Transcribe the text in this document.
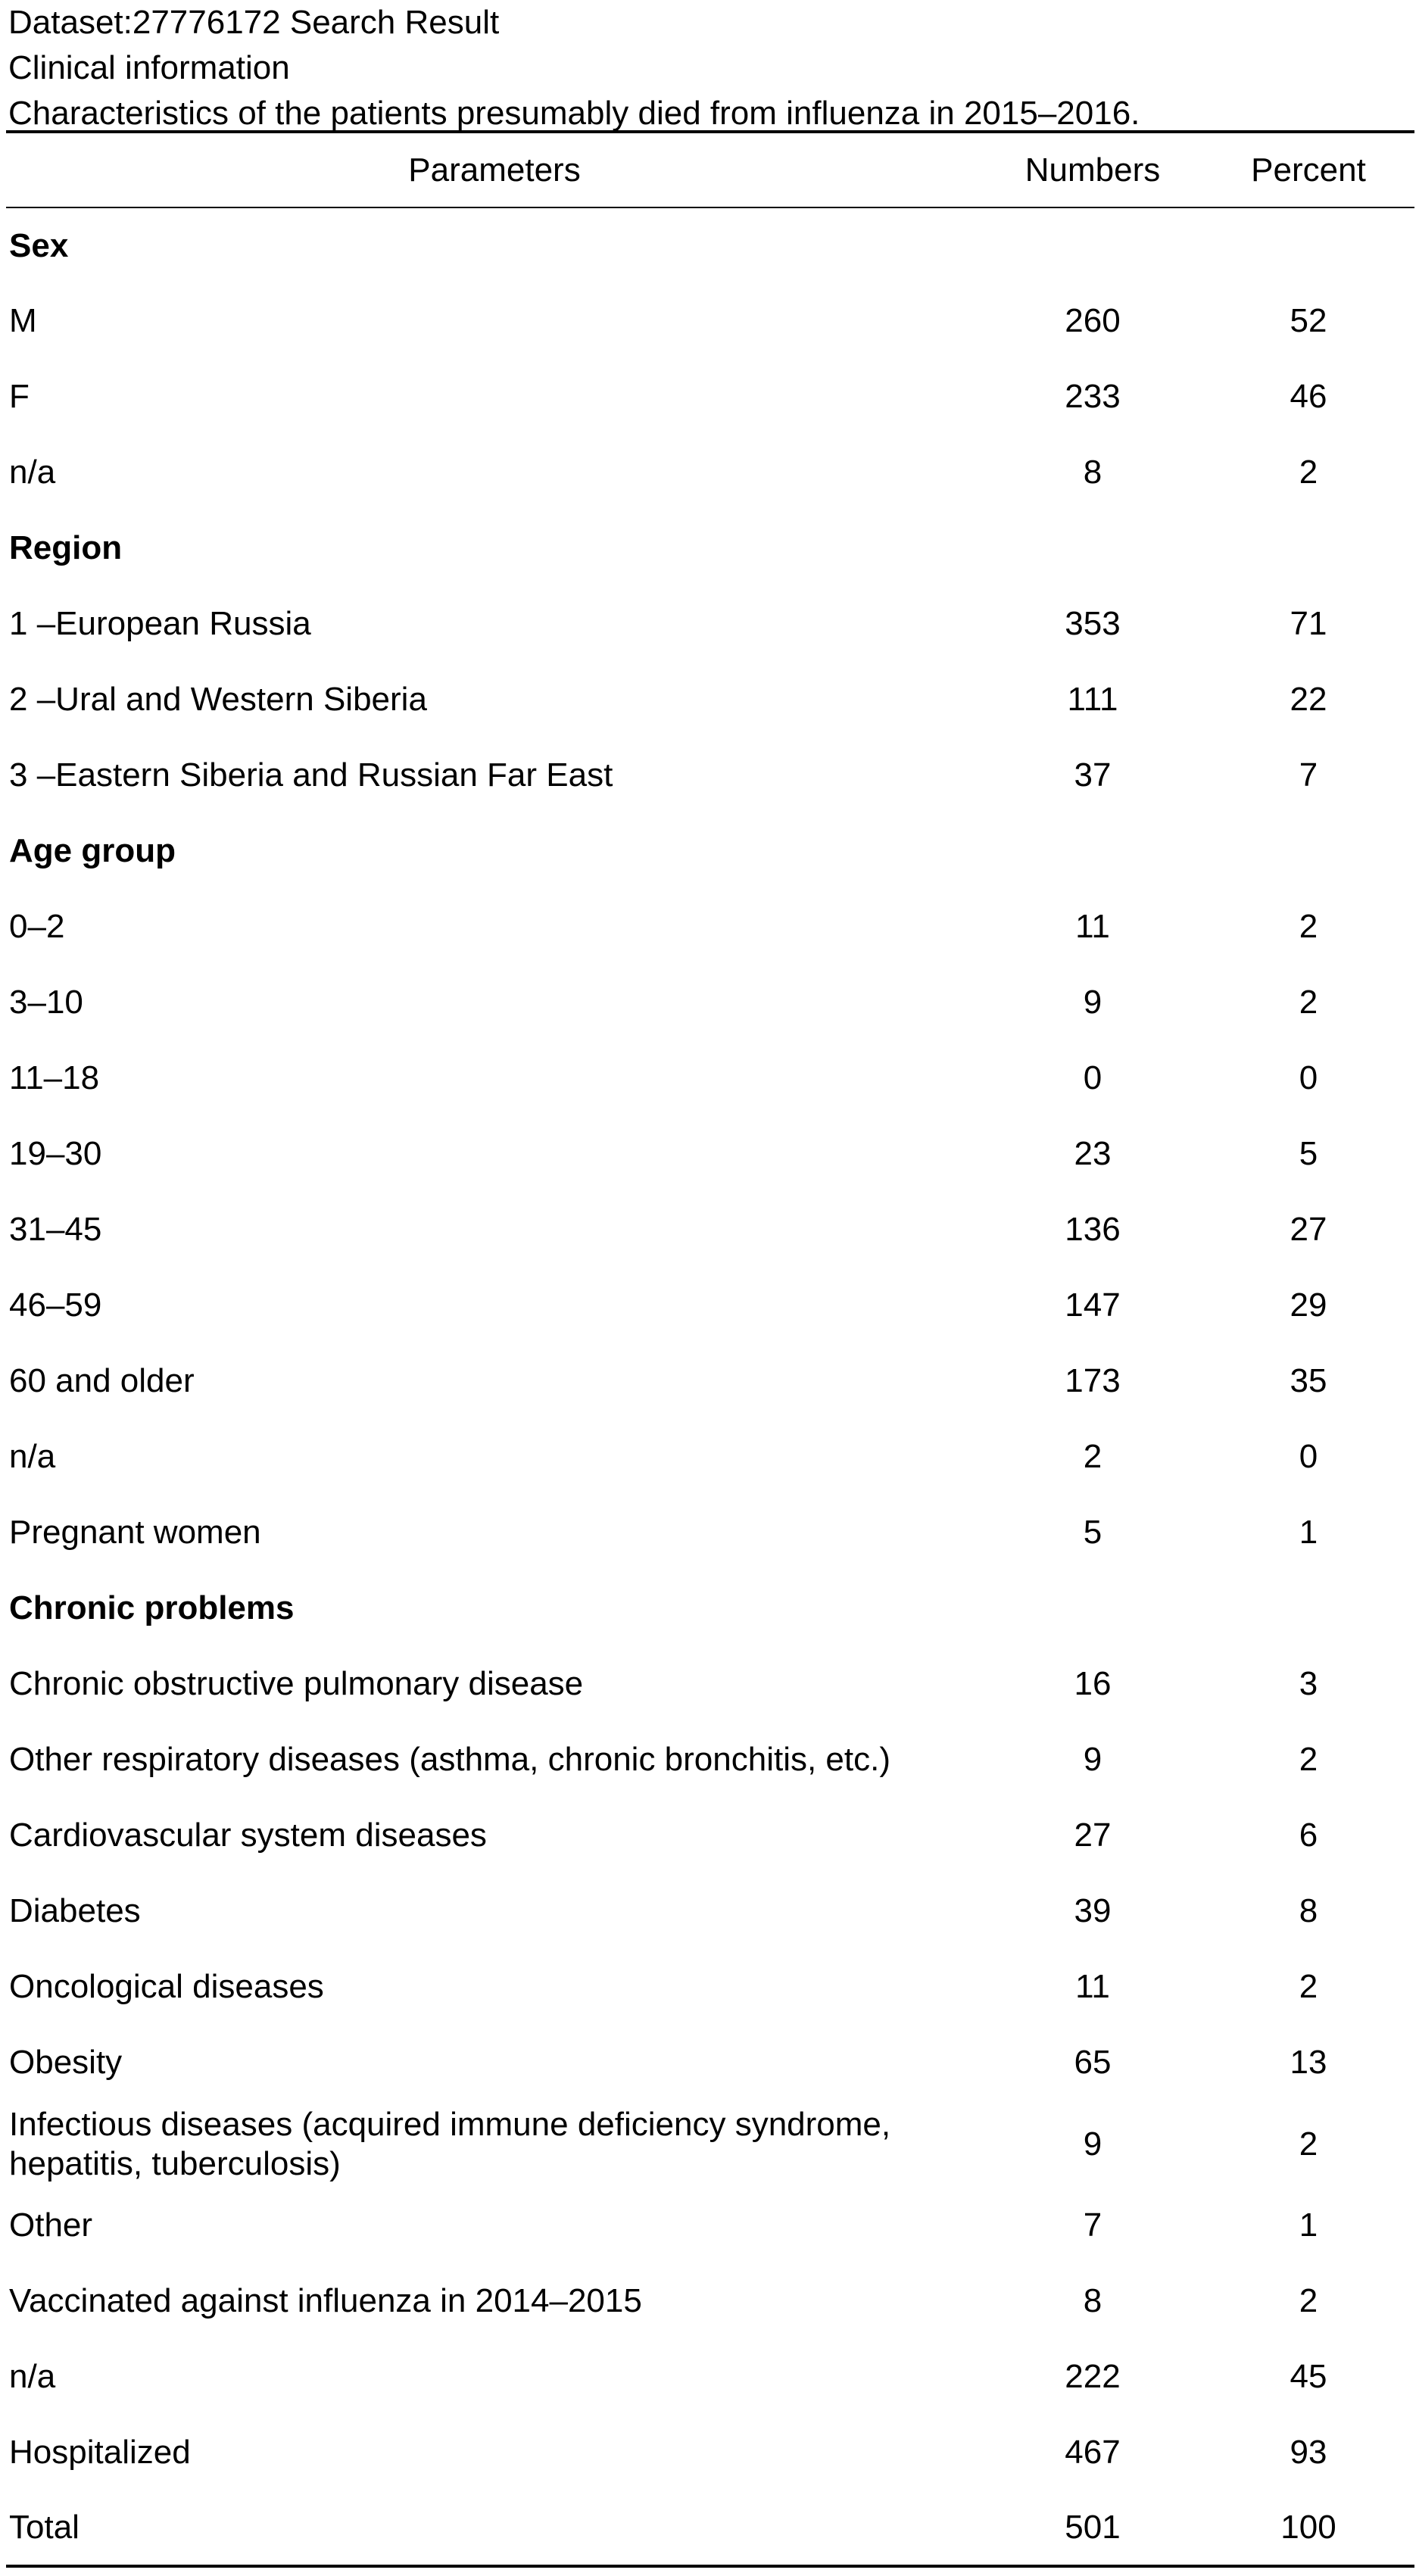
Dataset:27776172 Search Result
Clinical information
Characteristics of the patients presumably died from influenza in 2015–2016.
Parameters	Numbers	Percent
Sex		
M	260	52
F	233	46
n/a	8	2
Region		
1 –European Russia	353	71
2 –Ural and Western Siberia	111	22
3 –Eastern Siberia and Russian Far East	37	7
Age group		
0–2	11	2
3–10	9	2
11–18	0	0
19–30	23	5
31–45	136	27
46–59	147	29
60 and older	173	35
n/a	2	0
Pregnant women	5	1
Chronic problems		
Chronic obstructive pulmonary disease	16	3
Other respiratory diseases (asthma, chronic bronchitis, etc.)	9	2
Cardiovascular system diseases	27	6
Diabetes	39	8
Oncological diseases	11	2
Obesity	65	13
Infectious diseases (acquired immune deficiency syndrome, hepatitis, tuberculosis)	9	2
Other	7	1
Vaccinated against influenza in 2014–2015	8	2
n/a	222	45
Hospitalized	467	93
Total	501	100
